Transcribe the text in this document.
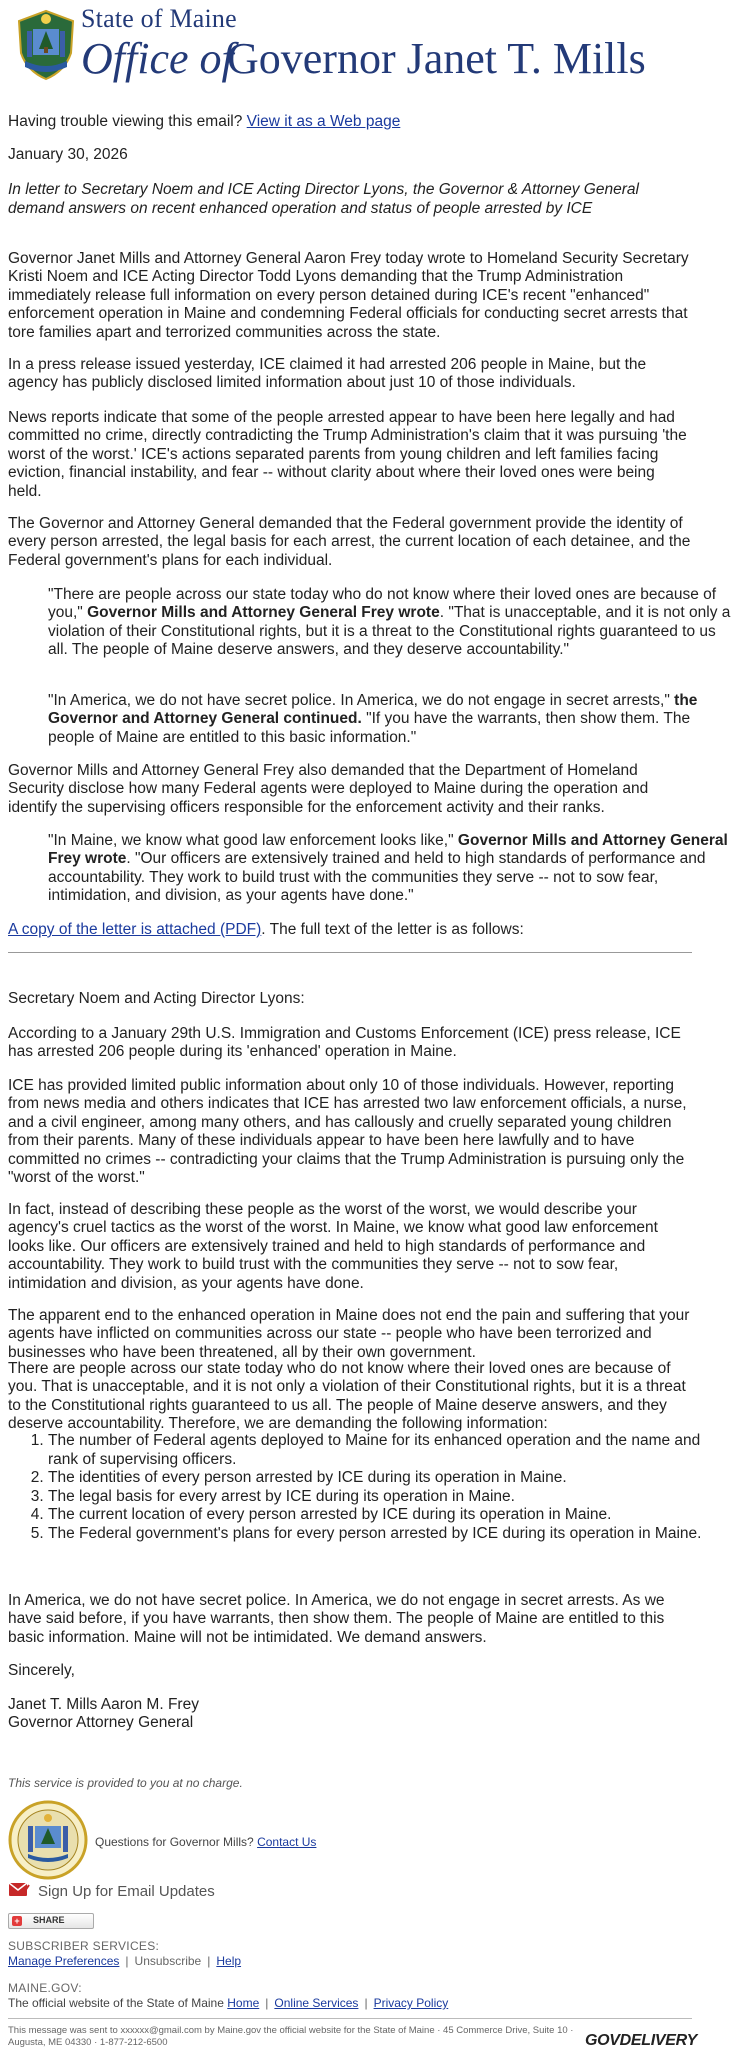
State of Maine
Office of
Governor Janet T. Mills
Having trouble viewing this email? View it as a Web page
January 30, 2026
In letter to Secretary Noem and ICE Acting Director Lyons, the Governor & Attorney General demand answers on recent enhanced operation and status of people arrested by ICE

Governor Janet Mills and Attorney General Aaron Frey today wrote to Homeland Security Secretary Kristi Noem and ICE Acting Director Todd Lyons demanding that the Trump Administration immediately release full information on every person detained during ICE's recent "enhanced" enforcement operation in Maine and condemning Federal officials for conducting secret arrests that tore families apart and terrorized communities across the state.

In a press release issued yesterday, ICE claimed it had arrested 206 people in Maine, but the agency has publicly disclosed limited information about just 10 of those individuals.

News reports indicate that some of the people arrested appear to have been here legally and had committed no crime, directly contradicting the Trump Administration's claim that it was pursuing 'the worst of the worst.' ICE's actions separated parents from young children and left families facing eviction, financial instability, and fear -- without clarity about where their loved ones were being held.

The Governor and Attorney General demanded that the Federal government provide the identity of every person arrested, the legal basis for each arrest, the current location of each detainee, and the Federal government's plans for each individual.

"There are people across our state today who do not know where their loved ones are because of you," Governor Mills and Attorney General Frey wrote. "That is unacceptable, and it is not only a violation of their Constitutional rights, but it is a threat to the Constitutional rights guaranteed to us all. The people of Maine deserve answers, and they deserve accountability."

"In America, we do not have secret police. In America, we do not engage in secret arrests," the Governor and Attorney General continued. "If you have the warrants, then show them. The people of Maine are entitled to this basic information."

Governor Mills and Attorney General Frey also demanded that the Department of Homeland Security disclose how many Federal agents were deployed to Maine during the operation and identify the supervising officers responsible for the enforcement activity and their ranks.

"In Maine, we know what good law enforcement looks like," Governor Mills and Attorney General Frey wrote. "Our officers are extensively trained and held to high standards of performance and accountability. They work to build trust with the communities they serve -- not to sow fear, intimidation, and division, as your agents have done."

A copy of the letter is attached (PDF). The full text of the letter is as follows:

Secretary Noem and Acting Director Lyons:

According to a January 29th U.S. Immigration and Customs Enforcement (ICE) press release, ICE has arrested 206 people during its 'enhanced' operation in Maine.

ICE has provided limited public information about only 10 of those individuals. However, reporting from news media and others indicates that ICE has arrested two law enforcement officials, a nurse, and a civil engineer, among many others, and has callously and cruelly separated young children from their parents. Many of these individuals appear to have been here lawfully and to have committed no crimes -- contradicting your claims that the Trump Administration is pursuing only the "worst of the worst."

In fact, instead of describing these people as the worst of the worst, we would describe your agency's cruel tactics as the worst of the worst. In Maine, we know what good law enforcement looks like. Our officers are extensively trained and held to high standards of performance and accountability. They work to build trust with the communities they serve -- not to sow fear, intimidation and division, as your agents have done.

The apparent end to the enhanced operation in Maine does not end the pain and suffering that your agents have inflicted on communities across our state -- people who have been terrorized and businesses who have been threatened, all by their own government.

There are people across our state today who do not know where their loved ones are because of you. That is unacceptable, and it is not only a violation of their Constitutional rights, but it is a threat to the Constitutional rights guaranteed to us all. The people of Maine deserve answers, and they deserve accountability. Therefore, we are demanding the following information:

1. The number of Federal agents deployed to Maine for its enhanced operation and the name and rank of supervising officers.
2. The identities of every person arrested by ICE during its operation in Maine.
3. The legal basis for every arrest by ICE during its operation in Maine.
4. The current location of every person arrested by ICE during its operation in Maine.
5. The Federal government's plans for every person arrested by ICE during its operation in Maine.

In America, we do not have secret police. In America, we do not engage in secret arrests. As we have said before, if you have warrants, then show them. The people of Maine are entitled to this basic information. Maine will not be intimidated. We demand answers.

Sincerely,

Janet T. Mills Aaron M. Frey

Governor Attorney General

This service is provided to you at no charge.
Questions for Governor Mills? Contact Us
Sign Up for Email Updates
+ SHARE
SUBSCRIBER SERVICES:
Manage Preferences | Unsubscribe | Help
MAINE.GOV:
The official website of the State of Maine Home | Online Services | Privacy Policy
This message was sent to xxxxxx@gmail.com by Maine.gov the official website for the State of Maine · 45 Commerce Drive, Suite 10 · Augusta, ME 04330 · 1-877-212-6500	GOVDELIVERY
